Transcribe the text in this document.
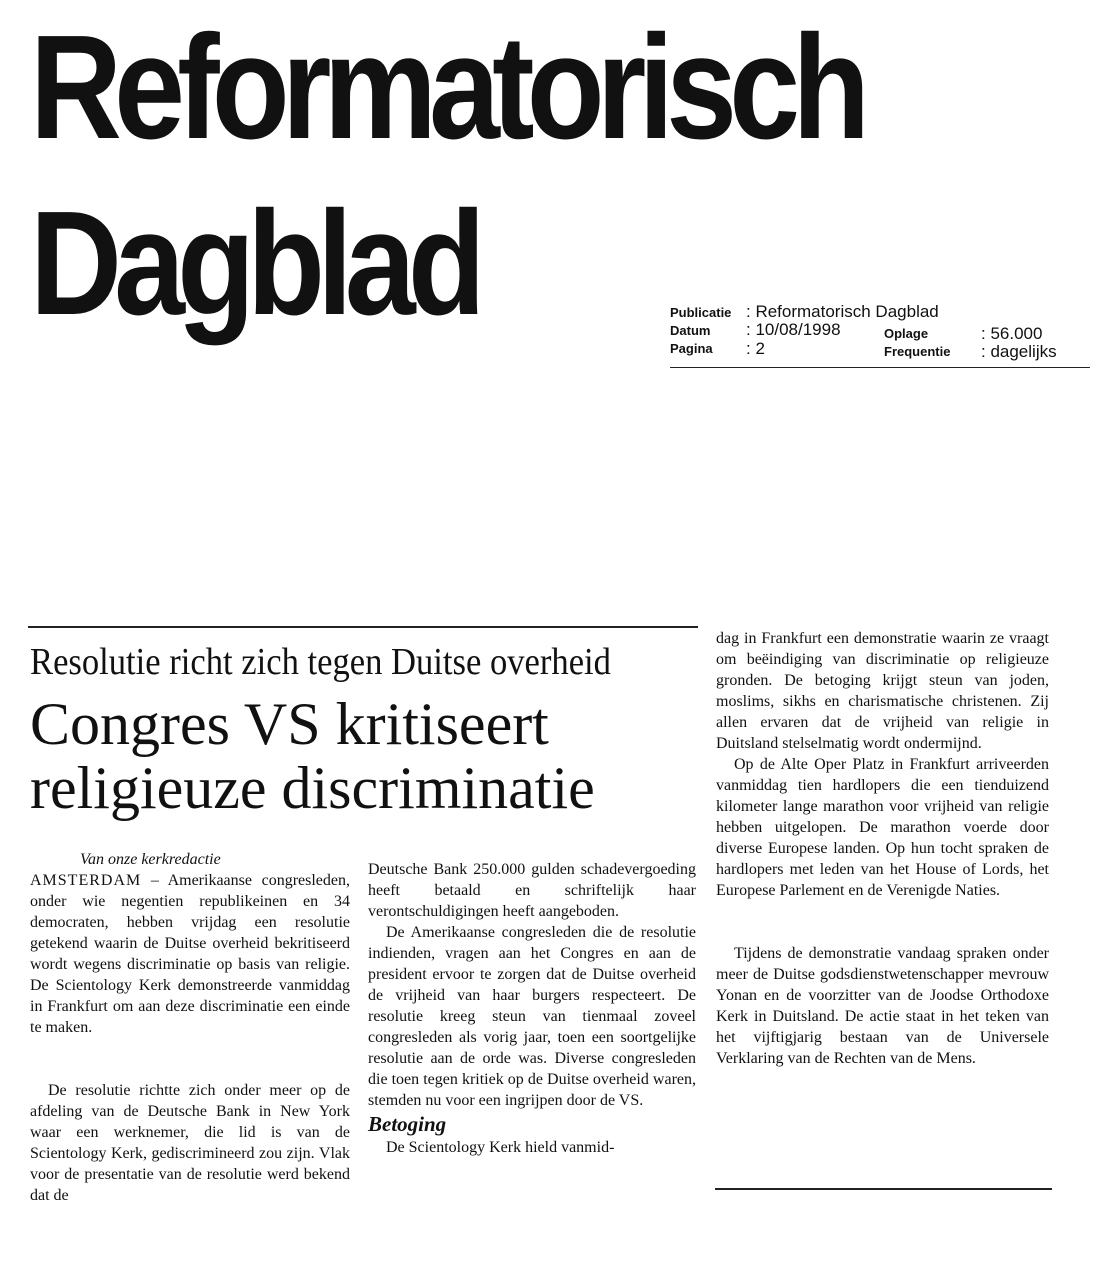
Reformatorisch
Dagblad	Publicatie : Reformatorisch Dagblad
Datum : 10/08/1998	Oplage	: 56.000
Pagina : 2	Frequentie : dagelijks
Resolutie richt zich tegen Duitse overheid
Congres VS kritiseert
religieuze discriminatie

Van onze kerkredactie

AMSTERDAM – Amerikaanse congresleden, onder wie negentien republikeinen en 34 democraten, hebben vrijdag een resolutie getekend waarin de Duitse overheid bekritiseerd wordt wegens discriminatie op basis van religie. De Scientology Kerk demonstreerde vanmiddag in Frankfurt om aan deze discriminatie een einde te maken.

De resolutie richtte zich onder meer op de afdeling van de Deutsche Bank in New York waar een werknemer, die lid is van de Scientology Kerk, gediscrimineerd zou zijn. Vlak voor de presentatie van de resolutie werd bekend dat de

Deutsche Bank 250.000 gulden schadevergoeding heeft betaald en schriftelijk haar verontschuldigingen heeft aangeboden.

De Amerikaanse congresleden die de resolutie indienden, vragen aan het Congres en aan de president ervoor te zorgen dat de Duitse overheid de vrijheid van haar burgers respecteert. De resolutie kreeg steun van tienmaal zoveel congresleden als vorig jaar, toen een soortgelijke resolutie aan de orde was. Diverse congresleden die toen tegen kritiek op de Duitse overheid waren, stemden nu voor een ingrijpen door de VS.

Betoging

De Scientology Kerk hield vanmid-

dag in Frankfurt een demonstratie waarin ze vraagt om beëindiging van discriminatie op religieuze gronden. De betoging krijgt steun van joden, moslims, sikhs en charismatische christenen. Zij allen ervaren dat de vrijheid van religie in Duitsland stelselmatig wordt ondermijnd.

Op de Alte Oper Platz in Frankfurt arriveerden vanmiddag tien hardlopers die een tienduizend kilometer lange marathon voor vrijheid van religie hebben uitgelopen. De marathon voerde door diverse Europese landen. Op hun tocht spraken de hardlopers met leden van het House of Lords, het Europese Parlement en de Verenigde Naties.

Tijdens de demonstratie vandaag spraken onder meer de Duitse godsdienstwetenschapper mevrouw Yonan en de voorzitter van de Joodse Orthodoxe Kerk in Duitsland. De actie staat in het teken van het vijftigjarig bestaan van de Universele Verklaring van de Rechten van de Mens.
